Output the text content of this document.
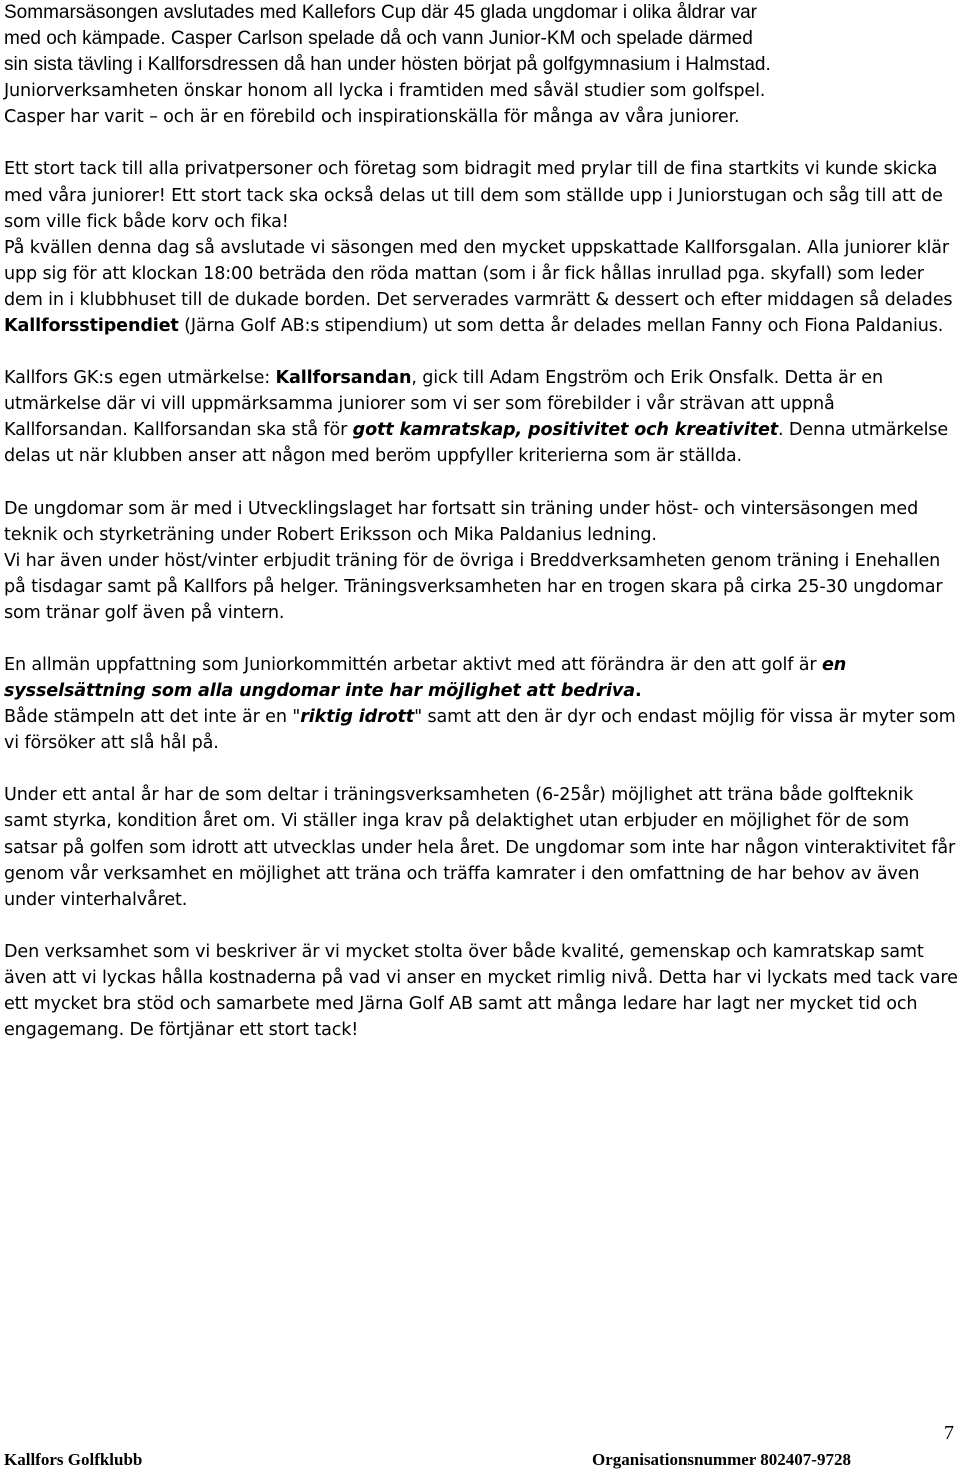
Sommarsäsongen avslutades med Kallefors Cup där 45 glada ungdomar i olika åldrar var

med och kämpade. Casper Carlson spelade då och vann Junior-KM och spelade därmed

sin sista tävling i Kallforsdressen då han under hösten börjat på golfgymnasium i Halmstad.

Juniorverksamheten önskar honom all lycka i framtiden med såväl studier som golfspel.

Casper har varit – och är en förebild och inspirationskälla för många av våra juniorer.

Ett stort tack till alla privatpersoner och företag som bidragit med prylar till de fina startkits vi kunde skicka med våra juniorer! Ett stort tack ska också delas ut till dem som ställde upp i Juniorstugan och såg till att de som ville fick både korv och fika!

På kvällen denna dag så avslutade vi säsongen med den mycket uppskattade Kallforsgalan. Alla juniorer klär upp sig för att klockan 18:00 beträda den röda mattan (som i år fick hållas inrullad pga. skyfall) som leder dem in i klubbhuset till de dukade borden. Det serverades varmrätt & dessert och efter middagen så delades Kallforsstipendiet (Järna Golf AB:s stipendium) ut som detta år delades mellan Fanny och Fiona Paldanius.

Kallfors GK:s egen utmärkelse: Kallforsandan, gick till Adam Engström och Erik Onsfalk. Detta är en utmärkelse där vi vill uppmärksamma juniorer som vi ser som förebilder i vår strävan att uppnå Kallforsandan. Kallforsandan ska stå för gott kamratskap, positivitet och kreativitet. Denna utmärkelse delas ut när klubben anser att någon med beröm uppfyller kriterierna som är ställda.

De ungdomar som är med i Utvecklingslaget har fortsatt sin träning under höst- och vintersäsongen med teknik och styrketräning under Robert Eriksson och Mika Paldanius ledning.

Vi har även under höst/vinter erbjudit träning för de övriga i Breddverksamheten genom träning i Enehallen på tisdagar samt på Kallfors på helger. Träningsverksamheten har en trogen skara på cirka 25-30 ungdomar som tränar golf även på vintern.

En allmän uppfattning som Juniorkommittén arbetar aktivt med att förändra är den att golf är en sysselsättning som alla ungdomar inte har möjlighet att bedriva.

Både stämpeln att det inte är en "riktig idrott" samt att den är dyr och endast möjlig för vissa är myter som vi försöker att slå hål på.

Under ett antal år har de som deltar i träningsverksamheten (6-25år) möjlighet att träna både golfteknik samt styrka, kondition året om. Vi ställer inga krav på delaktighet utan erbjuder en möjlighet för de som satsar på golfen som idrott att utvecklas under hela året. De ungdomar som inte har någon vinteraktivitet får genom vår verksamhet en möjlighet att träna och träffa kamrater i den omfattning de har behov av även under vinterhalvåret.

Den verksamhet som vi beskriver är vi mycket stolta över både kvalité, gemenskap och kamratskap samt även att vi lyckas hålla kostnaderna på vad vi anser en mycket rimlig nivå. Detta har vi lyckats med tack vare ett mycket bra stöd och samarbete med Järna Golf AB samt att många ledare har lagt ner mycket tid och engagemang. De förtjänar ett stort tack!

7
Kallfors Golfklubb	Organisationsnummer 802407-9728
